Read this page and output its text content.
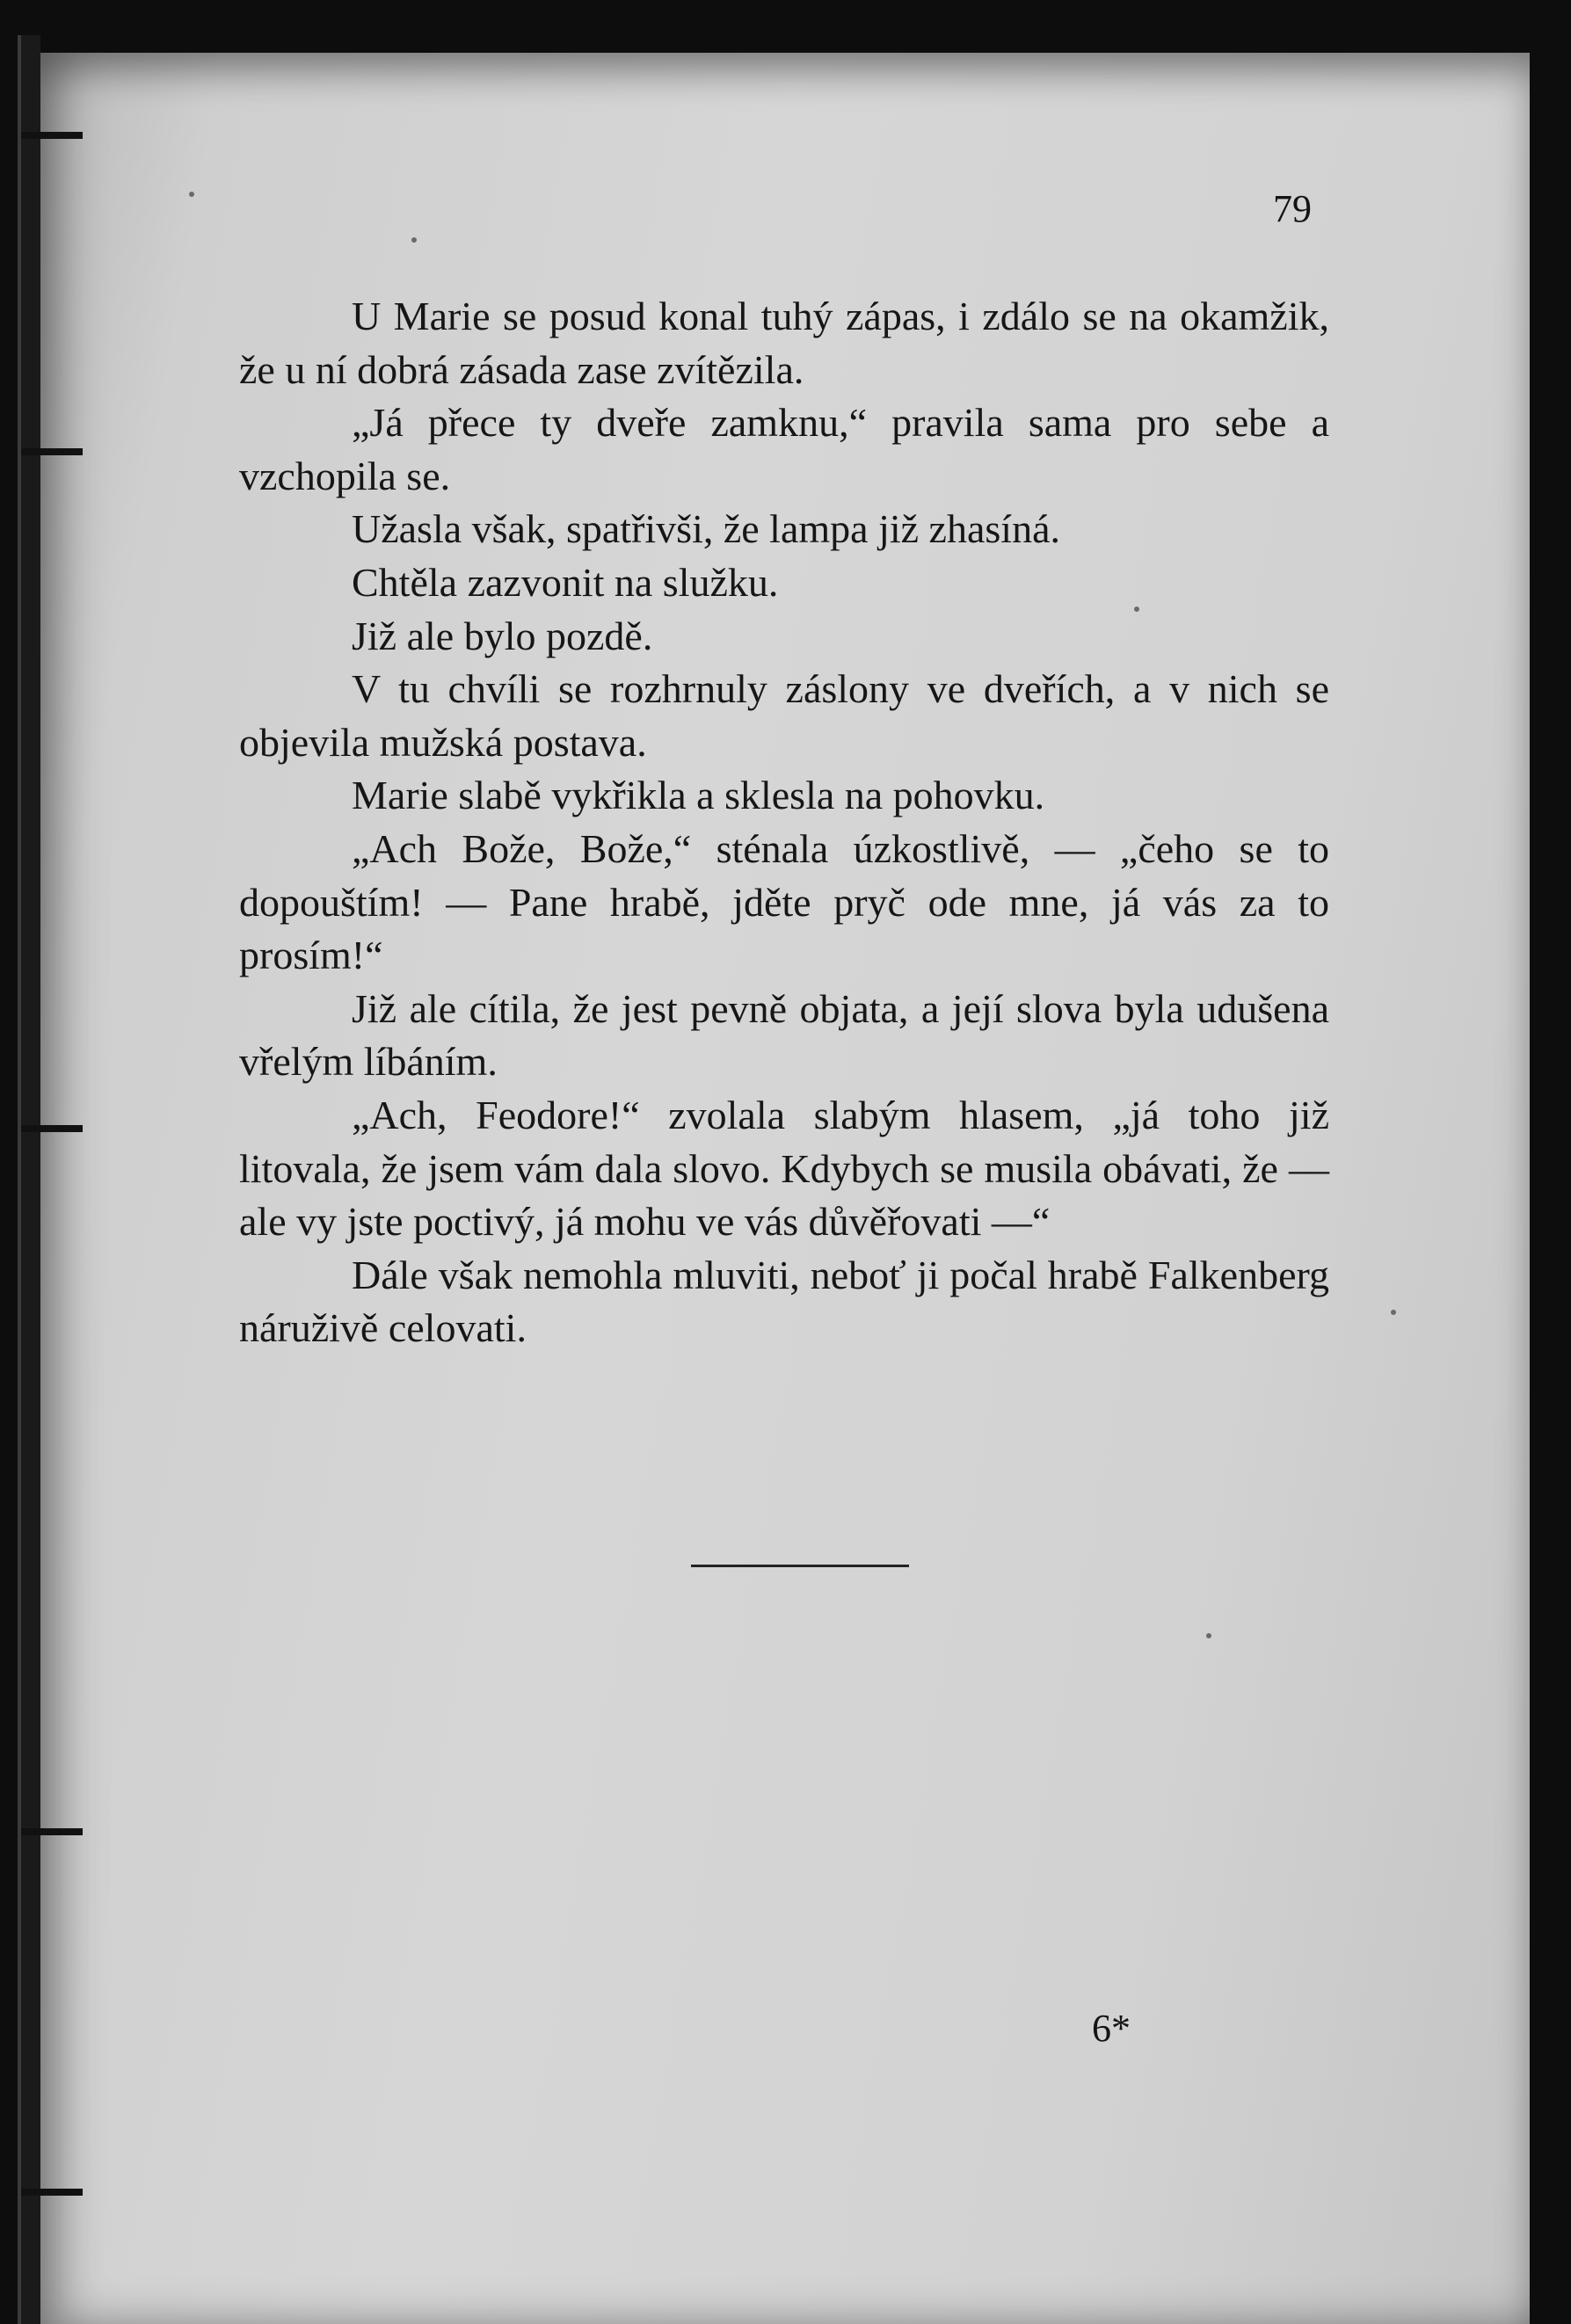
79

U Marie se posud konal tuhý zápas, i zdálo se na okamžik, že u ní dobrá zásada zase zvítězila.

„Já přece ty dveře zamknu,“ pravila sama pro sebe a vzchopila se.

Užasla však, spatřivši, že lampa již zhasíná.

Chtěla zazvonit na služku.

Již ale bylo pozdě.

V tu chvíli se rozhrnuly záslony ve dveřích, a v nich se objevila mužská postava.

Marie slabě vykřikla a sklesla na pohovku.

„Ach Bože, Bože,“ sténala úzkostlivě, — „čeho se to dopouštím! — Pane hrabě, jděte pryč ode mne, já vás za to prosím!“

Již ale cítila, že jest pevně objata, a její slova byla udušena vřelým líbáním.

„Ach, Feodore!“ zvolala slabým hlasem, „já toho již litovala, že jsem vám dala slovo. Kdybych se musila obávati, že — ale vy jste poctivý, já mohu ve vás důvěřovati —“

Dále však nemohla mluviti, neboť ji počal hrabě Falkenberg náruživě celovati.

6*
